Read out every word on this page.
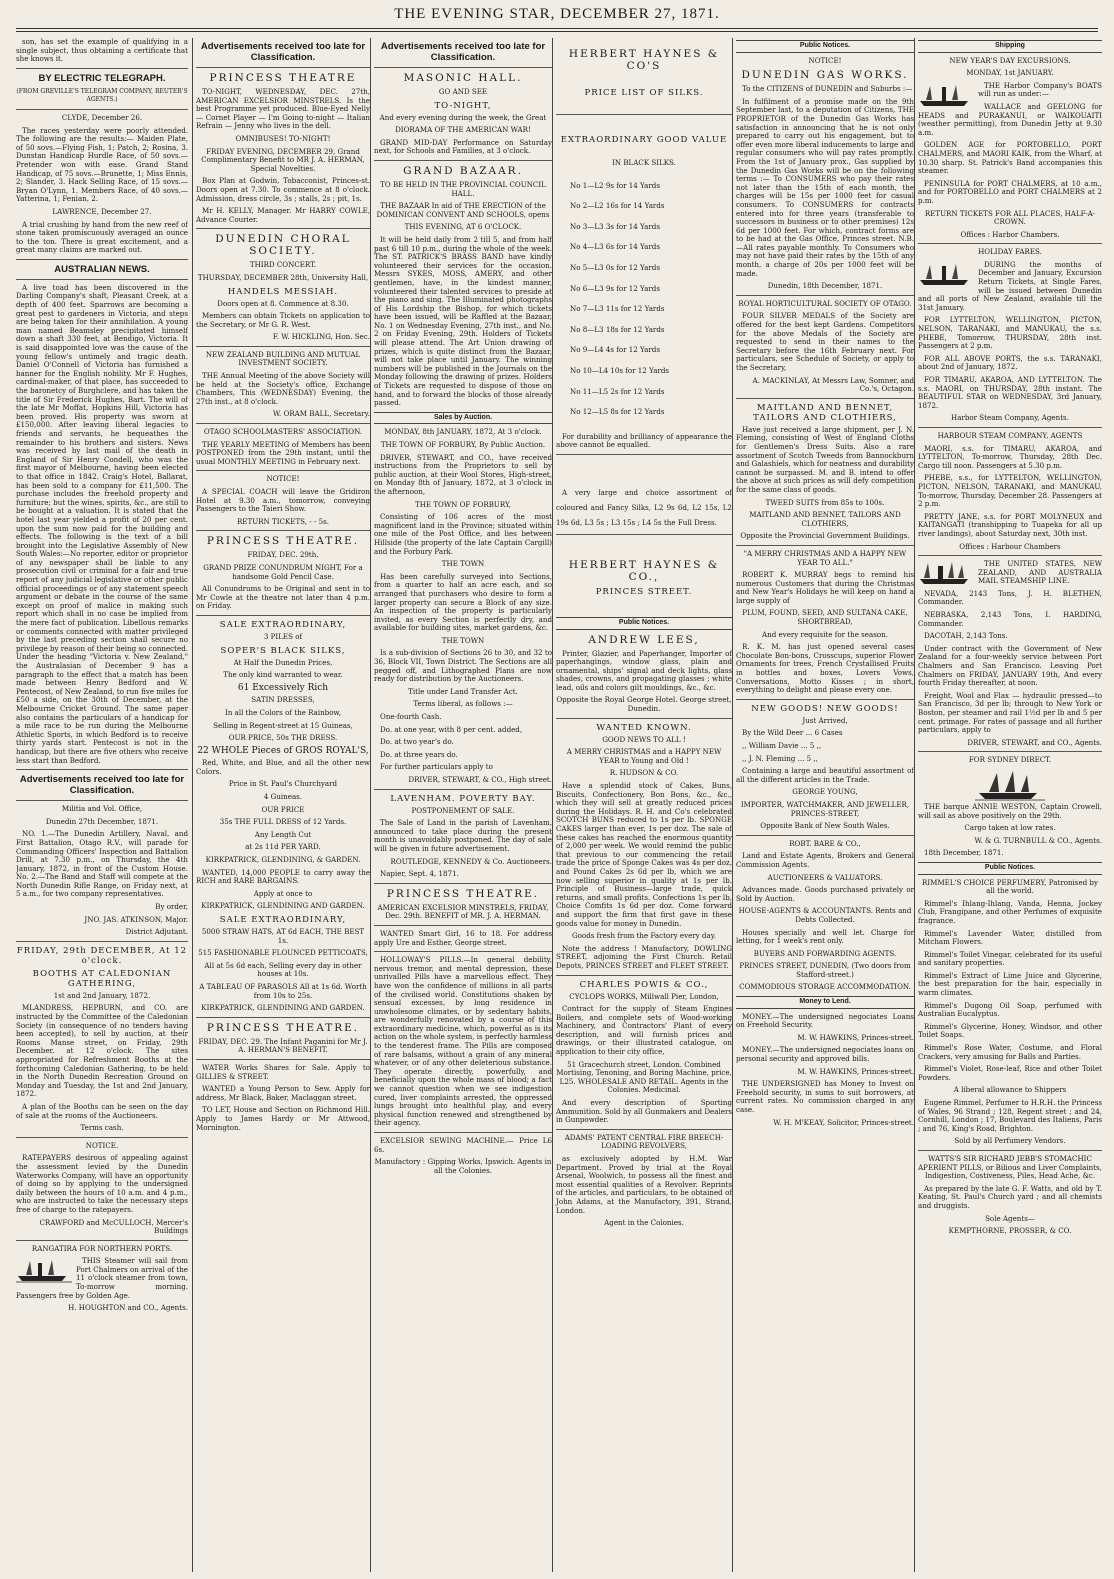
THE EVENING STAR, DECEMBER 27, 1871.

son, has set the example of qualifying in a single subject, thus obtaining a certificate that she knows it.

BY ELECTRIC TELEGRAPH.

(FROM GREVILLE'S TELEGRAM COMPANY, REUTER'S AGENTS.)

CLYDE, December 26.

The races yesterday were poorly attended. The following are the results:— Maiden Plate, of 50 sovs.—Flying Fish, 1; Patch, 2; Rosina, 3. Dunstan Handicap Hurdle Race, of 50 sovs.—Pretender won with ease. Grand Stand Handicap, of 75 sovs.—Brunette, 1; Miss Ennis, 2; Slander, 3. Hack Selling Race, of 15 sovs.—Bryan O'Lynn, 1. Members Race, of 40 sovs.—Yatterina, 1; Fenian, 2.

LAWRENCE, December 27.

A trial crushing by hand from the new reef of stone taken promiscuously averaged an ounce to the ton. There is great excitement, and a great many claims are marked out.

AUSTRALIAN NEWS.

A live toad has been discovered in the Darling Company's shaft, Pleasant Creek, at a depth of 400 feet. Sparrows are becoming a great pest to gardeners in Victoria, and steps are being taken for their annihilation. A young man named Beamsley precipitated himself down a shaft 330 feet, at Bendigo, Victoria. It is said disappointed love was the cause of the young fellow's untimely and tragic death. Daniel O'Connell of Victoria has furnished a banner for the English nobility. Mr F. Hughes, cardinal-maker, of that place, has succeeded to the baronetcy of Burghclere, and has taken the title of Sir Frederick Hughes, Bart. The will of the late Mr Moffat, Hopkins Hill, Victoria has been proved. His property was sworn at £150,000. After leaving liberal legacies to friends and servants, he bequeathes the remainder to his brothers and sisters. News was received by last mail of the death in England of Sir Henry Condell, who was the first mayor of Melbourne, having been elected to that office in 1842. Craig's Hotel, Ballarat, has been sold to a company for £11,500. The purchase includes the freehold property and furniture; but the wines, spirits, &c., are still to be bought at a valuation. It is stated that the hotel last year yielded a profit of 20 per cent. upon the sum now paid for the building and effects. The following is the text of a bill brought into the Legislative Assembly of New South Wales:—No reporter, editor or proprietor of any newspaper shall be liable to any prosecution civil or criminal for a fair and true report of any judicial legislative or other public official proceedings or of any statement speech argument or debate in the course of the same except on proof of malice in making such report which shall in no case be implied from the mere fact of publication. Libellous remarks or comments connected with matter privileged by the last preceding section shall secure no privilege by reason of their being so connected. Under the heading "Victoria v. New Zealand," the Australasian of December 9 has a paragraph to the effect that a match has been made between Henry Bedford and W. Pentecost, of New Zealand, to run five miles for £50 a side, on the 30th of December, at the Melbourne Cricket Ground. The same paper also contains the particulars of a handicap for a mile race to be run during the Melbourne Athletic Sports, in which Bedford is to receive thirty yards start. Pentecost is not in the handicap, but there are five others who receive less start than Bedford.

Advertisements received too late for Classification.

Militia and Vol. Office,

Dunedin 27th December, 1871.

NO. 1.—The Dunedin Artillery, Naval, and First Battalion, Otago R.V., will parade for Commanding Officers' Inspection and Battalion Drill, at 7.30 p.m., on Thursday, the 4th January, 1872, in front of the Custom House. No. 2.—The Band and Staff will compete at the North Dunedin Rifle Range, on Friday next, at 5 a.m., for two company representatives.

By order,

JNO. JAS. ATKINSON, Major.

District Adjutant.

FRIDAY, 29th DECEMBER, At 12 o'clock.

BOOTHS AT CALEDONIAN GATHERING,

1st and 2nd January, 1872.

MLANDRESS, HEPBURN, and CO. are instructed by the Committee of the Caledonian Society (in consequence of no tenders having been accepted), to sell by auction, at their Rooms Manse street, on Friday, 29th December, at 12 o'clock. The sites appropriated for Refreshment Booths at the forthcoming Caledonian Gathering, to be held in the North Dunedin Recreation Ground on Monday and Tuesday, the 1st and 2nd January, 1872.

A plan of the Booths can be seen on the day of sale at the rooms of the Auctioneers.

Terms cash.

NOTICE.

RATEPAYERS desirous of appealing against the assessment levied by the Dunedin Waterworks Company, will have an opportunity of doing so by applying to the undersigned daily between the hours of 10 a.m. and 4 p.m., who are instructed to take the necessary steps free of charge to the ratepayers.

CRAWFORD and McCULLOCH, Mercer's Buildings

RANGATIRA FOR NORTHERN PORTS.

THIS Steamer will sail from Port Chalmers on arrival of the 11 o'clock steamer from town, To-morrow morning. Passengers free by Golden Age.

H. HOUGHTON and CO., Agents.

Advertisements received too late for Classification.
PRINCESS THEATRE

TO-NIGHT, WEDNESDAY, DEC. 27th, AMERICAN EXCELSIOR MINSTRELS. Is the best Programme yet produced. Blue-Eyed Nelly — Cornet Player — I'm Going to-night — Italian Refrain — Jenny who lives in the dell.

OMNIBUSES! TO-NIGHT!

FRIDAY EVENING, DECEMBER 29, Grand Complimentary Benefit to MR J. A. HERMAN, Special Novelties.

Box Plan at Godwin, Tobacconist, Princes-st. Doors open at 7.30. To commence at 8 o'clock. Admission, dress circle, 3s ; stalls, 2s ; pit, 1s.

Mr H. KELLY, Manager. Mr HARRY COWLE, Advance Courier.

DUNEDIN CHORAL SOCIETY.

THIRD CONCERT.

THURSDAY, DECEMBER 28th, University Hall,

HANDELS MESSIAH.

Doors open at 8. Commence at 8.30.

Members can obtain Tickets on application to the Secretary, or Mr G. R. West.

F. W. HICKLING, Hon. Sec.

NEW ZEALAND BUILDING AND MUTUAL INVESTMENT SOCIETY.

THE Annual Meeting of the above Society will be held at the Society's office, Exchange Chambers, This (WEDNESDAY) Evening, the 27th inst., at 8 o'clock.

W. ORAM BALL, Secretary.

OTAGO SCHOOLMASTERS' ASSOCIATION.

THE YEARLY MEETING of Members has been POSTPONED from the 29th instant, until the usual MONTHLY MEETING in February next.

NOTICE!

A SPECIAL COACH will leave the Gridiron Hotel at 9.30 a.m., tomorrow, conveying Passengers to the Taieri Show.

RETURN TICKETS, - - 5s.

PRINCESS THEATRE.

FRIDAY, DEC. 29th,

GRAND PRIZE CONUNDRUM NIGHT, For a handsome Gold Pencil Case.

All Conundrums to be Original and sent in to Mr Cowle at the theatre not later than 4 p.m. on Friday.

SALE EXTRAORDINARY,

3 PILES of

SOPER'S BLACK SILKS,

At Half the Dunedin Prices,

The only kind warranted to wear.

61 Excessively Rich

SATIN DRESSES,

In all the Colors of the Rainbow,

Selling in Regent-street at 15 Guineas,

OUR PRICE, 50s THE DRESS.

22 WHOLE Pieces of GROS ROYAL'S,

Red, White, and Blue, and all the other new Colors.

Price in St. Paul's Churchyard

4 Guineas.

OUR PRICE

35s THE FULL DRESS of 12 Yards.

Any Length Cut

at 2s 11d PER YARD.

KIRKPATRICK, GLENDINING, & GARDEN.

WANTED, 14,000 PEOPLE to carry away the RICH and RARE BARGAINS.

Apply at once to

KIRKPATRICK, GLENDINING AND GARDEN.

SALE EXTRAORDINARY,

5000 STRAW HATS, AT 6d EACH, THE BEST 1s.

515 FASHIONABLE FLOUNCED PETTICOATS,

All at 5s 6d each, Selling every day in other houses at 10s.

A TABLEAU OF PARASOLS All at 1s 6d. Worth from 10s to 25s.

KIRKPATRICK, GLENDINING AND GARDEN.

PRINCESS THEATRE.

FRIDAY, DEC. 29. The Infant Paganini for Mr J. A. HERMAN'S BENEFIT.

WATER Works Shares for Sale. Apply to GILLIES & STREET.

WANTED a Young Person to Sew. Apply for address, Mr Black, Baker, Maclaggan street.

TO LET, House and Section on Richmond Hill. Apply to James Hardy or Mr Attwood, Mornington.

Advertisements received too late for Classification.
MASONIC HALL.

GO AND SEE

TO-NIGHT,

And every evening during the week, the Great

DIORAMA OF THE AMERICAN WAR!

GRAND MID-DAY Performance on Saturday next, for Schools and Families, at 3 o'clock.

GRAND BAZAAR.

TO BE HELD IN THE PROVINCIAL COUNCIL HALL.

THE BAZAAR In aid of THE ERECTION of the DOMINICAN CONVENT AND SCHOOLS, opens

THIS EVENING, AT 6 O'CLOCK.

It will be held daily from 2 till 5, and from half past 6 till 10 p.m., during the whole of the week. The ST. PATRICK'S BRASS BAND have kindly volunteered their services for the occasion. Messrs SYKES, MOSS, AMERY, and other gentlemen, have, in the kindest manner, volunteered their talented services to preside at the piano and sing. The Illuminated photographs of His Lordship the Bishop, for which tickets have been issued, will be Raffled at the Bazaar, No. 1 on Wednesday Evening, 27th inst., and No. 2 on Friday Evening, 29th. Holders of Tickets will please attend. The Art Union drawing of prizes, which is quite distinct from the Bazaar, will not take place until January. The winning numbers will be published in the Journals on the Monday following the drawing of prizes. Holders of Tickets are requested to dispose of those on hand, and to forward the blocks of those already passed.

Sales by Auction.

MONDAY, 8th JANUARY, 1872, At 3 o'clock.

THE TOWN OF FORBURY, By Public Auction.

DRIVER, STEWART, and CO., have received instructions from the Proprietors to sell by public auction, at their Wool Stores, High-street, on Monday 8th of January, 1872, at 3 o'clock in the afternoon,

THE TOWN OF FORBURY,

Consisting of 106 acres of the most magnificent land in the Province; situated within one mile of the Post Office, and lies between Hillside (the property of the late Captain Cargill) and the Forbury Park.

THE TOWN

Has been carefully surveyed into Sections, from a quarter to half an acre each, and so arranged that purchasers who desire to form a larger property can secure a Block of any size. An inspection of the property is particularly invited, as every Section is perfectly dry, and available for building sites, market gardens, &c.

THE TOWN

Is a sub-division of Sections 26 to 30, and 32 to 36, Block VII, Town District. The Sections are all pegged off, and Lithographed Plans are now ready for distribution by the Auctioneers.

Title under Land Transfer Act.

Terms liberal, as follows :—

One-fourth Cash.

Do. at one year, with 8 per cent. added,

Do. at two year's do.

Do. at three years do.

For further particulars apply to

DRIVER, STEWART, & CO., High street.

LAVENHAM. POVERTY BAY.

POSTPONEMENT OF SALE.

The Sale of Land in the parish of Lavenham, announced to take place during the present month is unavoidably postponed. The day of sale will be given in future advertisement.

ROUTLEDGE, KENNEDY & Co. Auctioneers.

Napier, Sept. 4, 1871.

PRINCESS THEATRE.

AMERICAN EXCELSIOR MINSTRELS, FRIDAY, Dec. 29th. BENEFIT of MR. J. A. HERMAN.

WANTED Smart Girl, 16 to 18. For address apply Ure and Esther, George street.

HOLLOWAY'S PILLS.—In general debility, nervous tremor, and mental depression, these unrivalled Pills have a marvellous effect. They have won the confidence of millions in all parts of the civilised world. Constitutions shaken by sensual excesses, by long residence in unwholesome climates, or by sedentary habits, are wonderfully renovated by a course of this extraordinary medicine, which, powerful as is its action on the whole system, is perfectly harmless to the tenderest frame. The Pills are composed of rare balsams, without a grain of any mineral whatever, or of any other deleterious substance. They operate directly, powerfully, and beneficially upon the whole mass of blood; a fact we cannot question when we see indigestion cured, liver complaints arrested, the oppressed lungs brought into healthful play, and every physical function renewed and strengthened by their agency.

EXCELSIOR SEWING MACHINE.— Price L6 6s.

Manufactory : Gipping Works, Ipswich. Agents in all the Colonies.

HERBERT HAYNES & CO'S
PRICE LIST OF SILKS.
EXTRAORDINARY GOOD VALUE

IN BLACK SILKS.

No 1—L2 9s for 14 Yards

No 2—L2 16s for 14 Yards

No 3—L3 3s for 14 Yards

No 4—L3 6s for 14 Yards

No 5—L3 0s for 12 Yards

No 6—L3 9s for 12 Yards

No 7—L3 11s for 12 Yards

No 8—L3 18s for 12 Yards

No 9—L4 4s for 12 Yards

No 10—L4 10s for 12 Yards

No 11—L5 2s for 12 Yards

No 12—L5 8s for 12 Yards

For durability and brilliancy of appearance the above cannot be equalled.

A very large and choice assortment of coloured and Fancy Silks, L2 9s 6d, L2 15s, L2 19s 6d, L3 5s ; L3 15s ; L4 5s the Full Dress.

HERBERT HAYNES & CO.,
PRINCES STREET.
Public Notices.
ANDREW LEES,

Printer, Glazier, and Paperhanger, Importer of paperhangings, window glass, plain and ornamental, ships' signal and deck lights, glass shades, crowns, and propagating glasses ; white lead, oils and colors gilt mouldings, &c., &c.

Opposite the Royal George Hotel. George street, Dunedin.

WANTED KNOWN.

GOOD NEWS TO ALL !

A MERRY CHRISTMAS and a HAPPY NEW YEAR to Young and Old !

R. HUDSON & CO.

Have a splendid stock of Cakes, Buns, Biscuits, Confectionery, Bon Bons, &c., &c., which they will sell at greatly reduced prices during the Holidays. R. H. and Co's celebrated SCOTCH BUNS reduced to 1s per lb. SPONGE CAKES larger than ever, 1s per doz. The sale of these cakes has reached the enormous quantity of 2,000 per week. We would remind the public that previous to our commencing the retail trade the price of Sponge Cakes was 4s per doz, and Pound Cakes 2s 6d per lb, which we are now selling superior in quality at 1s per lb. Principle of Business—large trade, quick returns, and small profits. Confections 1s per lb, Choice Comfits 1s 6d per doz. Come forward and support the firm that first gave in these goods value for money in Dunedin.

Goods fresh from the Factory every day.

Note the address ! Manufactory, DOWLING STREET, adjoining the First Church. Retail Depots, PRINCES STREET and FLEET STREET.

CHARLES POWIS & CO.,

CYCLOPS WORKS, Millwall Pier, London,

Contract for the supply of Steam Engines Boilers, and complete sets of Wood-working Machinery, and Contractors' Plant of every description, and will furnish prices and drawings, or their illustrated catalogue, on application to their city office,

51 Gracechurch street, London. Combined Mortising, Tenoning, and Boring Machine, price, L25. WHOLESALE AND RETAIL. Agents in the Colonies. Medicinal.

And every description of Sporting Ammunition. Sold by all Gunmakers and Dealers in Gunpowder.

ADAMS' PATENT CENTRAL FIRE BREECH-LOADING REVOLVERS,

as exclusively adopted by H.M. War Department. Proved by trial at the Royal Arsenal, Woolwich, to possess all the finest and most essential qualities of a Revolver. Reprints of the articles, and particulars, to be obtained of John Adams, at the Manufactory, 391, Strand, London.

Agent in the Colonies.

Public Notices.

NOTICE!

DUNEDIN GAS WORKS.

To the CITIZENS of DUNEDIN and Suburbs :—

In fulfilment of a promise made on the 9th September last, to a deputation of Citizens, THE PROPRIETOR of the Dunedin Gas Works has satisfaction in announcing that he is not only prepared to carry out his engagement, but to offer even more liberal inducements to large and regular consumers who will pay rates promptly. From the 1st of January prox., Gas supplied by the Dunedin Gas Works will be on the following terms :— To CONSUMERS who pay their rates not later than the 15th of each month, the charges will be 15s per 1000 feet for casual consumers. To CONSUMERS for contracts entered into for three years (transferable to successors in business or to other premises) 12s 6d per 1000 feet. For which, contract forms are to be had at the Gas Office, Princes street. N.B.—All rates payable monthly. To Consumers who may not have paid their rates by the 15th of any month, a charge of 20s per 1000 feet will be made.

Dunedin, 18th December, 1871.

ROYAL HORTICULTURAL SOCIETY OF OTAGO.

FOUR SILVER MEDALS of the Society are offered for the best kept Gardens. Competitors for the above Medals of the Society are requested to send in their names to the Secretary before the 16th February next. For particulars, see Schedule of Society, or apply to the Secretary,

A. MACKINLAY, At Messrs Law, Somner, and Co.'s, Octagon.

MAITLAND AND BENNET, TAILORS AND CLOTHIERS,

Have just received a large shipment, per J. N. Fleming, consisting of West of England Cloths for Gentlemen's Dress Suits. Also a rare assortment of Scotch Tweeds from Bannockburn and Galashiels, which for neatness and durability cannot be surpassed. M. and B. intend to offer the above at such prices as will defy competition for the same class of goods.

TWEED SUITS from 85s to 100s.

MAITLAND AND BENNET, TAILORS AND CLOTHIERS,

Opposite the Provincial Government Buildings.

"A MERRY CHRISTMAS AND A HAPPY NEW YEAR TO ALL."

ROBERT K. MURRAY begs to remind his numerous Customers that during the Christmas and New Year's Holidays he will keep on hand a large supply of

PLUM, FOUND, SEED, AND SULTANA CAKE, SHORTBREAD,

And every requisite for the season.

R. K. M. has just opened several cases Chocolate Bon-bons, Crosscups, superior Flower Ornaments for trees, French Crystallised Fruits in bottles and boxes, Lovers Vows, Conversations, Motto Kisses ; in short, everything to delight and please every one.

NEW GOODS! NEW GOODS!

Just Arrived,

By the Wild Deer ... 6 Cases

,, William Davie ... 5 ,,

,, J. N. Fleming ... 5 ,,

Containing a large and beautiful assortment of all the different articles in the Trade.

GEORGE YOUNG,

IMPORTER, WATCHMAKER, AND JEWELLER, PRINCES-STREET,

Opposite Bank of New South Wales.

ROBT. BARE & CO.,

Land and Estate Agents, Brokers and General Commission Agents.

AUCTIONEERS & VALUATORS.

Advances made. Goods purchased privately or Sold by Auction.

HOUSE-AGENTS & ACCOUNTANTS. Rents and Debts Collected.

Houses specially and well let. Charge for letting, for 1 week's rent only.

BUYERS AND FORWARDING AGENTS.

PRINCES STREET, DUNEDIN, (Two doors from Stafford-street.)

COMMODIOUS STORAGE ACCOMMODATION.

Money to Lend.

MONEY.—The undersigned negociates Loans on Freehold Security.

M. W. HAWKINS, Princes-street.

MONEY.—The undersigned negociates loans on personal security and approved bills.

M. W. HAWKINS, Princes-street.

THE UNDERSIGNED has Money to Invest on Freehold security, in sums to suit borrowers, at current rates. No commission charged in any case.

W. H. M'KEAY, Solicitor, Princes-street.

Shipping

NEW YEAR'S DAY EXCURSIONS.

MONDAY, 1st JANUARY.

THE Harbor Company's BOATS will run as under:—

WALLACE and GEELONG for HEADS and PURAKANUI, or WAIKOUAITI (weather permitting), from Dunedin Jetty at 9.30 a.m.

GOLDEN AGE for PORTOBELLO, PORT CHALMERS, and MAORI KAIK, from the Wharf, at 10.30 sharp. St. Patrick's Band accompanies this steamer.

PENINSULA for PORT CHALMERS, at 10 a.m., and for PORTOBELLO and PORT CHALMERS at 2 p.m.

RETURN TICKETS FOR ALL PLACES, HALF-A-CROWN.

Offices : Harbor Chambers.

HOLIDAY FARES.

DURING the months of December and January, Excursion Return Tickets, at Single Fares, will be issued between Dunedin and all ports of New Zealand, available till the 31st January.

FOR LYTTELTON, WELLINGTON, PICTON, NELSON, TARANAKI, and MANUKAU, the s.s. PHEBE, Tomorrow, THURSDAY, 28th inst. Passengers at 2 p.m.

FOR ALL ABOVE PORTS, the s.s. TARANAKI, about 2nd of January, 1872.

FOR TIMARU, AKAROA, AND LYTTELTON. The s.s. MAORI, on THURSDAY, 28th instant. The BEAUTIFUL STAR on WEDNESDAY, 3rd January, 1872.

Harbor Steam Company, Agents.

HARBOUR STEAM COMPANY, AGENTS

MAORI, s.s. for TIMARU, AKAROA, and LYTTELTON, To-morrow, Thursday, 28th Dec. Cargo till noon. Passengers at 5.30 p.m.

PHEBE, s.s., for LYTTELTON, WELLINGTON, PICTON, NELSON, TARANAKI, and MANUKAU, To-morrow, Thursday, December 28. Passengers at 2 p.m.

PRETTY JANE, s.s. for PORT MOLYNEUX and KAITANGATI (transhipping to Tuapeka for all up river landings), about Saturday next, 30th inst.

Offices : Harbour Chambers

THE UNITED STATES, NEW ZEALAND, AND AUSTRALIA MAIL STEAMSHIP LINE.

NEVADA, 2143 Tons, J. H. BLETHEN, Commander.

NEBRASKA, 2,143 Tons, I. HARDING, Commander.

DACOTAH, 2,143 Tons.

Under contract with the Government of New Zealand for a four-weekly service between Port Chalmers and San Francisco. Leaving Port Chalmers on FRIDAY, JANUARY 19th, And every fourth Friday thereafter, at noon.

Freight, Wool and Flax — hydraulic pressed—to San Francisco, 3d per lb; through to New York or Boston, per steamer and rail 1½d per lb and 5 per cent. primage. For rates of passage and all further particulars, apply to

DRIVER, STEWART, and CO., Agents.

FOR SYDNEY DIRECT.

THE barque ANNIE WESTON, Captain Crowell, will sail as above positively on the 29th.

Cargo taken at low rates.

W. & G. TURNBULL & CO., Agents.

18th December, 1871.

Public Notices.

RIMMEL'S CHOICE PERFUMERY, Patronised by all the world.

Rimmel's Ihlang-Ihlang, Vanda, Henna, Jockey Club, Frangipane, and other Perfumes of exquisite fragrance.

Rimmel's Lavender Water, distilled from Mitcham Flowers.

Rimmel's Toilet Vinegar, celebrated for its useful and sanitary properties.

Rimmel's Extract of Lime Juice and Glycerine, the best preparation for the hair, especially in warm climates.

Rimmel's Dugong Oil Soap, perfumed with Australian Eucalyptus.

Rimmel's Glycerine, Honey, Windsor, and other Toilet Soaps.

Rimmel's Rose Water, Costume, and Floral Crackers, very amusing for Balls and Parties.

Rimmel's Violet, Rose-leaf, Rice and other Toilet Powders.

A liberal allowance to Shippers

Eugene Rimmel, Perfumer to H.R.H. the Princess of Wales, 96 Strand ; 128, Regent street ; and 24, Cornhill, London ; 17, Boulevard des Italiens, Paris ; and 76, King's Road, Brighton.

Sold by all Perfumery Vendors.

WATTS'S SIR RICHARD JEBB'S STOMACHIC APERIENT PILLS, or Bilious and Liver Complaints, Indigestion, Costiveness, Piles, Head Ache, &c.

As prepared by the late G. F. Watts, and old by T. Keating, St. Paul's Church yard ; and all chemists and druggists.

Sole Agents—

KEMPTHORNE, PROSSER, & CO.
